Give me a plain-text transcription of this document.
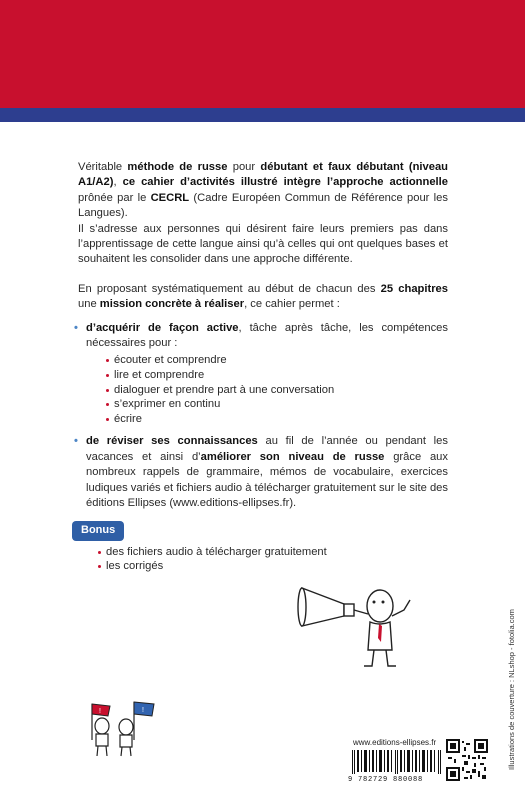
Véritable méthode de russe pour débutant et faux débutant (niveau A1/A2), ce cahier d’activités illustré intègre l’approche actionnelle prônée par le CECRL (Cadre Européen Commun de Référence pour les Langues).

Il s’adresse aux personnes qui désirent faire leurs premiers pas dans l’apprentissage de cette langue ainsi qu’à celles qui ont quelques bases et souhaitent les consolider dans une approche différente.

En proposant systématiquement au début de chacun des 25 chapitres une mission concrète à réaliser, ce cahier permet :

• d’acquérir de façon active, tâche après tâche, les compétences nécessaires pour :
écouter et comprendre
lire et comprendre
dialoguer et prendre part à une conversation
s’exprimer en continu
écrire
• de réviser ses connaissances au fil de l’année ou pendant les vacances et ainsi d’améliorer son niveau de russe grâce aux nombreux rappels de grammaire, mémos de vocabulaire, exercices ludiques variés et fichiers audio à télécharger gratuitement sur le site des éditions Ellipses (www.editions-ellipses.fr).
Bonus
des fichiers audio à télécharger gratuitement
les corrigés
!	!	Illustrations de couverture : NLshop - fotolia.com
www.editions-ellipses.fr
9 782729 880088
